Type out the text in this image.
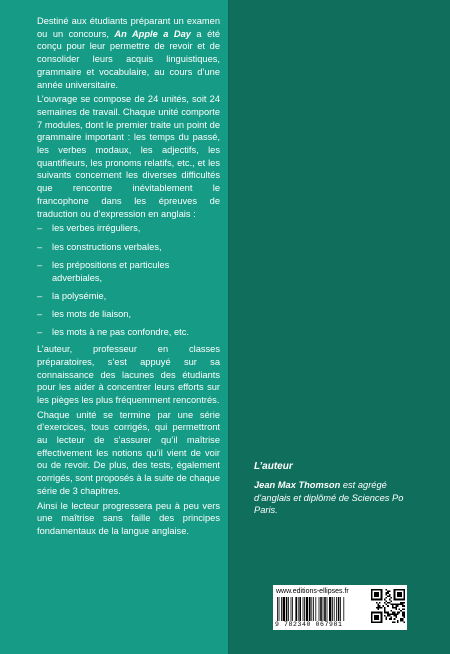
Destiné aux étudiants préparant un examen ou un concours, An Apple a Day a été conçu pour leur permettre de revoir et de consolider leurs acquis linguistiques, grammaire et vocabulaire, au cours d’une année universitaire.

L’ouvrage se compose de 24 unités, soit 24 semaines de travail. Chaque unité comporte 7 modules, dont le premier traite un point de grammaire important : les temps du passé, les verbes modaux, les adjectifs, les quantifieurs, les pronoms relatifs, etc., et les suivants concernent les diverses difficultés que rencontre inévitablement le francophone dans les épreuves de traduction ou d’expression en anglais :

–	les verbes irréguliers,
–	les constructions verbales,
–	les prépositions et particules adverbiales,
–	la polysémie,
–	les mots de liaison,
–	les mots à ne pas confondre, etc.

L’auteur, professeur en classes préparatoires, s’est appuyé sur sa connaissance des lacunes des étudiants pour les aider à concentrer leurs efforts sur les pièges les plus fréquemment rencontrés.

Chaque unité se termine par une série d’exercices, tous corrigés, qui permettront au lecteur de s’assurer qu’il maîtrise effectivement les notions qu’il vient de voir ou de revoir. De plus, des tests, également corrigés, sont proposés à la suite de chaque série de 3 chapitres.

Ainsi le lecteur progressera peu à peu vers une maîtrise sans faille des principes fondamentaux de la langue anglaise.

L’auteur
Jean Max Thomson est agrégé d’anglais et diplômé de Sciences Po Paris.
www.editions-ellipses.fr
9 782340 067981
